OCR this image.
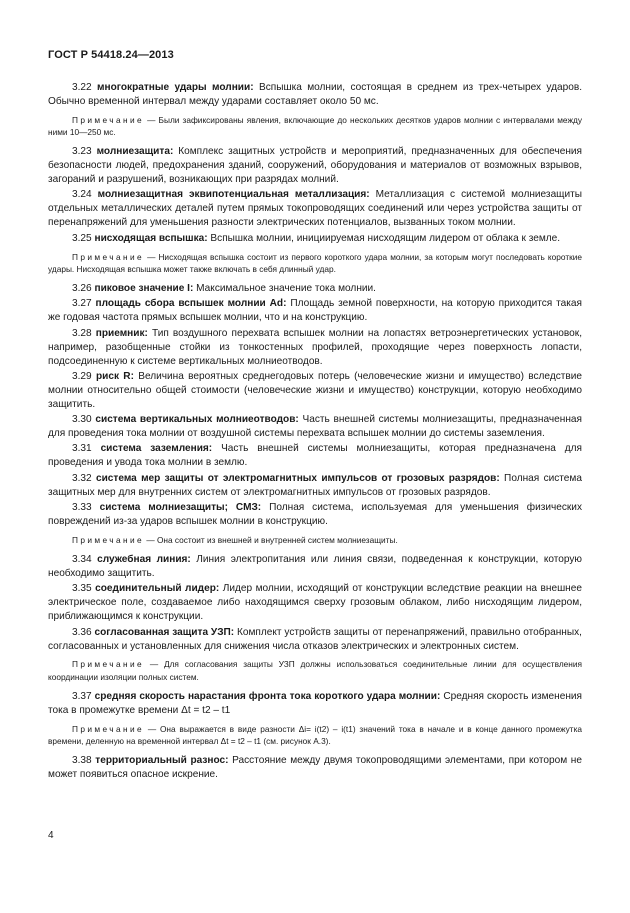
ГОСТ Р 54418.24—2013

3.22 многократные удары молнии: Вспышка молнии, состоящая в среднем из трех-четырех ударов. Обычно временной интервал между ударами составляет около 50 мс.

Примечание — Были зафиксированы явления, включающие до нескольких десятков ударов молнии с интервалами между ними 10—250 мс.

3.23 молниезащита: Комплекс защитных устройств и мероприятий, предназначенных для обеспечения безопасности людей, предохранения зданий, сооружений, оборудования и материалов от возможных взрывов, загораний и разрушений, возникающих при разрядах молний.

3.24 молниезащитная эквипотенциальная металлизация: Металлизация с системой молниезащиты отдельных металлических деталей путем прямых токопроводящих соединений или через устройства защиты от перенапряжений для уменьшения разности электрических потенциалов, вызванных током молнии.

3.25 нисходящая вспышка: Вспышка молнии, инициируемая нисходящим лидером от облака к земле.

Примечание — Нисходящая вспышка состоит из первого короткого удара молнии, за которым могут последовать короткие удары. Нисходящая вспышка может также включать в себя длинный удар.

3.26 пиковое значение I: Максимальное значение тока молнии.

3.27 площадь сбора вспышек молнии Ad: Площадь земной поверхности, на которую приходится такая же годовая частота прямых вспышек молнии, что и на конструкцию.

3.28 приемник: Тип воздушного перехвата вспышек молнии на лопастях ветроэнергетических установок, например, разобщенные стойки из тонкостенных профилей, проходящие через поверхность лопасти, подсоединенную к системе вертикальных молниеотводов.

3.29 риск R: Величина вероятных среднегодовых потерь (человеческие жизни и имущество) вследствие молнии относительно общей стоимости (человеческие жизни и имущество) конструкции, которую необходимо защитить.

3.30 система вертикальных молниеотводов: Часть внешней системы молниезащиты, предназначенная для проведения тока молнии от воздушной системы перехвата вспышек молнии до системы заземления.

3.31 система заземления: Часть внешней системы молниезащиты, которая предназначена для проведения и увода тока молнии в землю.

3.32 система мер защиты от электромагнитных импульсов от грозовых разрядов: Полная система защитных мер для внутренних систем от электромагнитных импульсов от грозовых разрядов.

3.33 система молниезащиты; СМЗ: Полная система, используемая для уменьшения физических повреждений из-за ударов вспышек молнии в конструкцию.

Примечание — Она состоит из внешней и внутренней систем молниезащиты.

3.34 служебная линия: Линия электропитания или линия связи, подведенная к конструкции, которую необходимо защитить.

3.35 соединительный лидер: Лидер молнии, исходящий от конструкции вследствие реакции на внешнее электрическое поле, создаваемое либо находящимся сверху грозовым облаком, либо нисходящим лидером, приближающимся к конструкции.

3.36 согласованная защита УЗП: Комплект устройств защиты от перенапряжений, правильно отобранных, согласованных и установленных для снижения числа отказов электрических и электронных систем.

Примечание — Для согласования защиты УЗП должны использоваться соединительные линии для осуществления координации изоляции полных систем.

3.37 средняя скорость нарастания фронта тока короткого удара молнии: Средняя скорость изменения тока в промежутке времени Δt = t2 – t1

Примечание — Она выражается в виде разности Δi= i(t2) – i(t1) значений тока в начале и в конце данного промежутка времени, деленную на временной интервал Δt = t2 – t1 (см. рисунок А.3).

3.38 территориальный разнос: Расстояние между двумя токопроводящими элементами, при котором не может появиться опасное искрение.

4
